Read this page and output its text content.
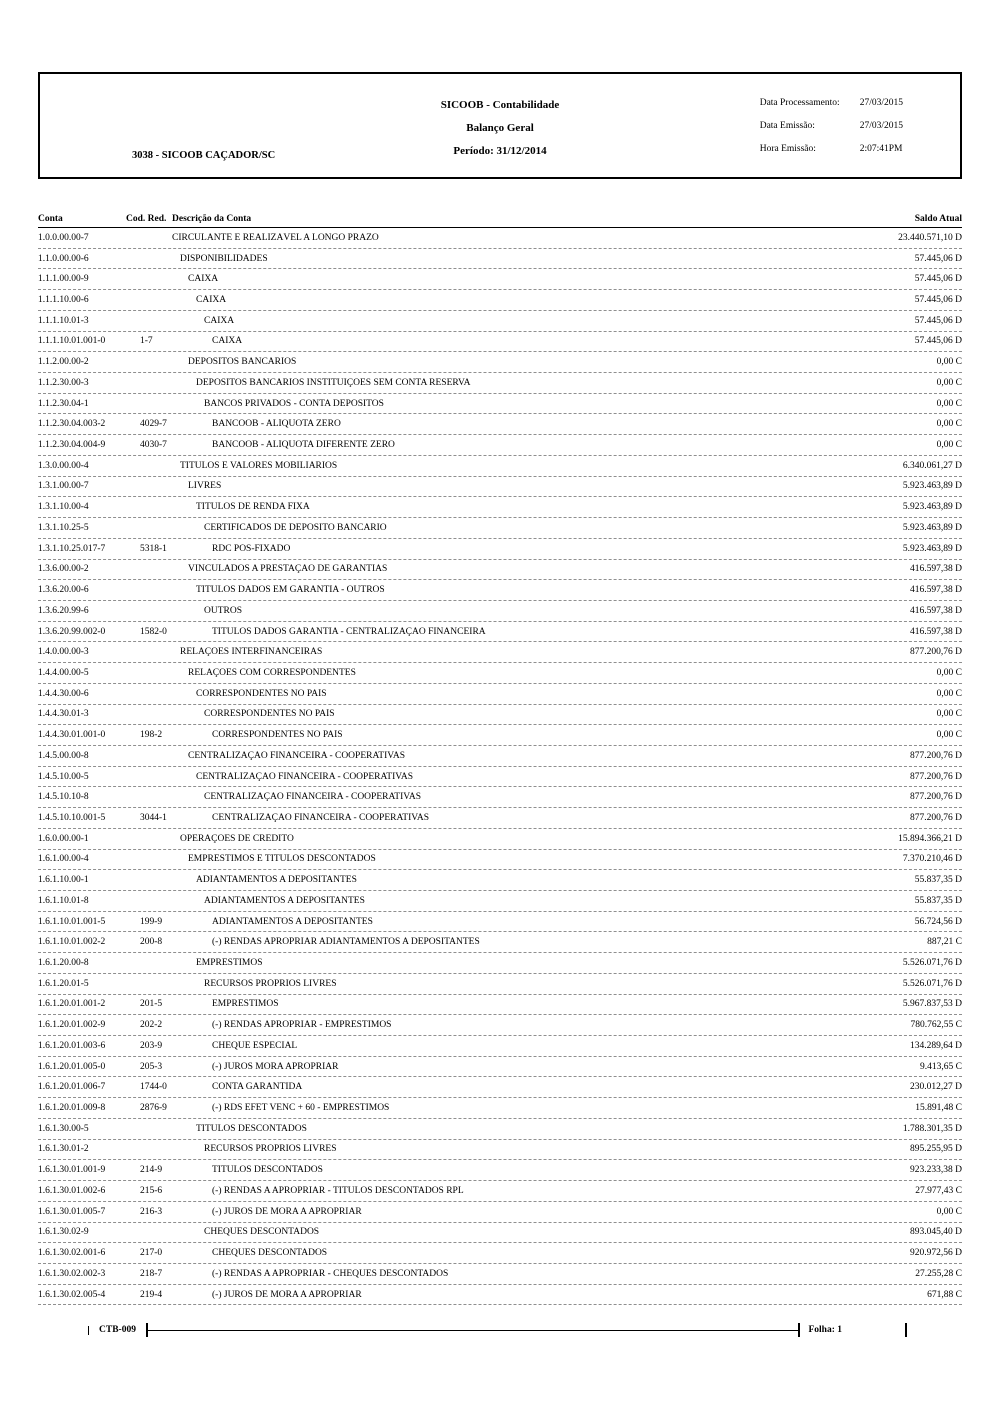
SICOOB - Contabilidade
Balanço Geral
Período: 31/12/2014
3038 - SICOOB CAÇADOR/SC
Data Processamento:	27/03/2015
Data Emissão:	27/03/2015
Hora Emissão:	2:07:41PM
Conta	Cod. Red. Descrição da Conta	Saldo Atual
1.0.0.00.00-7	CIRCULANTE E REALIZÁVEL A LONGO PRAZO	23.440.571,10 D
1.1.0.00.00-6	DISPONIBILIDADES	57.445,06 D
1.1.1.00.00-9	CAIXA	57.445,06 D
1.1.1.10.00-6	CAIXA	57.445,06 D
1.1.1.10.01-3	CAIXA	57.445,06 D
1.1.1.10.01.001-0	1-7	CAIXA	57.445,06 D
1.1.2.00.00-2	DEPÓSITOS BANCÁRIOS	0,00 C
1.1.2.30.00-3	DEPÓSITOS BANCÁRIOS INSTITUIÇÕES SEM CONTA RESERVA	0,00 C
1.1.2.30.04-1	BANCOS PRIVADOS - CONTA DEPÓSITOS	0,00 C
1.1.2.30.04.003-2	4029-7	BANCOOB - ALÍQUOTA ZERO	0,00 C
1.1.2.30.04.004-9	4030-7	BANCOOB - ALÍQUOTA DIFERENTE ZERO	0,00 C
1.3.0.00.00-4	TÍTULOS E VALORES MOBILIÁRIOS	6.340.061,27 D
1.3.1.00.00-7	LIVRES	5.923.463,89 D
1.3.1.10.00-4	TÍTULOS DE RENDA FIXA	5.923.463,89 D
1.3.1.10.25-5	CERTIFICADOS DE DEPÓSITO BANCÁRIO	5.923.463,89 D
1.3.1.10.25.017-7	5318-1	RDC PÓS-FIXADO	5.923.463,89 D
1.3.6.00.00-2	VINCULADOS A PRESTAÇÃO DE GARANTIAS	416.597,38 D
1.3.6.20.00-6	TÍTULOS DADOS EM GARANTIA - OUTROS	416.597,38 D
1.3.6.20.99-6	OUTROS	416.597,38 D
1.3.6.20.99.002-0	1582-0	TÍTULOS DADOS GARANTIA - CENTRALIZAÇÃO FINANCEIRA	416.597,38 D
1.4.0.00.00-3	RELAÇÕES INTERFINANCEIRAS	877.200,76 D
1.4.4.00.00-5	RELAÇÕES COM CORRESPONDENTES	0,00 C
1.4.4.30.00-6	CORRESPONDENTES NO PAÍS	0,00 C
1.4.4.30.01-3	CORRESPONDENTES NO PAÍS	0,00 C
1.4.4.30.01.001-0	198-2	CORRESPONDENTES NO PAÍS	0,00 C
1.4.5.00.00-8	CENTRALIZAÇÃO FINANCEIRA - COOPERATIVAS	877.200,76 D
1.4.5.10.00-5	CENTRALIZAÇÃO FINANCEIRA - COOPERATIVAS	877.200,76 D
1.4.5.10.10-8	CENTRALIZAÇÃO FINANCEIRA - COOPERATIVAS	877.200,76 D
1.4.5.10.10.001-5	3044-1	CENTRALIZAÇÃO FINANCEIRA - COOPERATIVAS	877.200,76 D
1.6.0.00.00-1	OPERAÇÕES DE CRÉDITO	15.894.366,21 D
1.6.1.00.00-4	EMPRÉSTIMOS E TÍTULOS DESCONTADOS	7.370.210,46 D
1.6.1.10.00-1	ADIANTAMENTOS A DEPOSITANTES	55.837,35 D
1.6.1.10.01-8	ADIANTAMENTOS A DEPOSITANTES	55.837,35 D
1.6.1.10.01.001-5	199-9	ADIANTAMENTOS A DEPOSITANTES	56.724,56 D
1.6.1.10.01.002-2	200-8	(-) RENDAS APROPRIAR ADIANTAMENTOS A DEPOSITANTES	887,21 C
1.6.1.20.00-8	EMPRÉSTIMOS	5.526.071,76 D
1.6.1.20.01-5	RECURSOS PRÓPRIOS LIVRES	5.526.071,76 D
1.6.1.20.01.001-2	201-5	EMPRÉSTIMOS	5.967.837,53 D
1.6.1.20.01.002-9	202-2	(-) RENDAS APROPRIAR - EMPRÉSTIMOS	780.762,55 C
1.6.1.20.01.003-6	203-9	CHEQUE ESPECIAL	134.289,64 D
1.6.1.20.01.005-0	205-3	(-) JUROS MORA APROPRIAR	9.413,65 C
1.6.1.20.01.006-7	1744-0	CONTA GARANTIDA	230.012,27 D
1.6.1.20.01.009-8	2876-9	(-) RDS EFET VENC + 60 - EMPRÉSTIMOS	15.891,48 C
1.6.1.30.00-5	TÍTULOS DESCONTADOS	1.788.301,35 D
1.6.1.30.01-2	RECURSOS PRÓPRIOS LIVRES	895.255,95 D
1.6.1.30.01.001-9	214-9	TÍTULOS DESCONTADOS	923.233,38 D
1.6.1.30.01.002-6	215-6	(-) RENDAS A APROPRIAR - TÍTULOS DESCONTADOS RPL	27.977,43 C
1.6.1.30.01.005-7	216-3	(-) JUROS DE MORA A APROPRIAR	0,00 C
1.6.1.30.02-9	CHEQUES DESCONTADOS	893.045,40 D
1.6.1.30.02.001-6	217-0	CHEQUES DESCONTADOS	920.972,56 D
1.6.1.30.02.002-3	218-7	(-) RENDAS A APROPRIAR - CHEQUES DESCONTADOS	27.255,28 C
1.6.1.30.02.005-4	219-4	(-) JUROS DE MORA A APROPRIAR	671,88 C
CTB-009	Folha: 1
